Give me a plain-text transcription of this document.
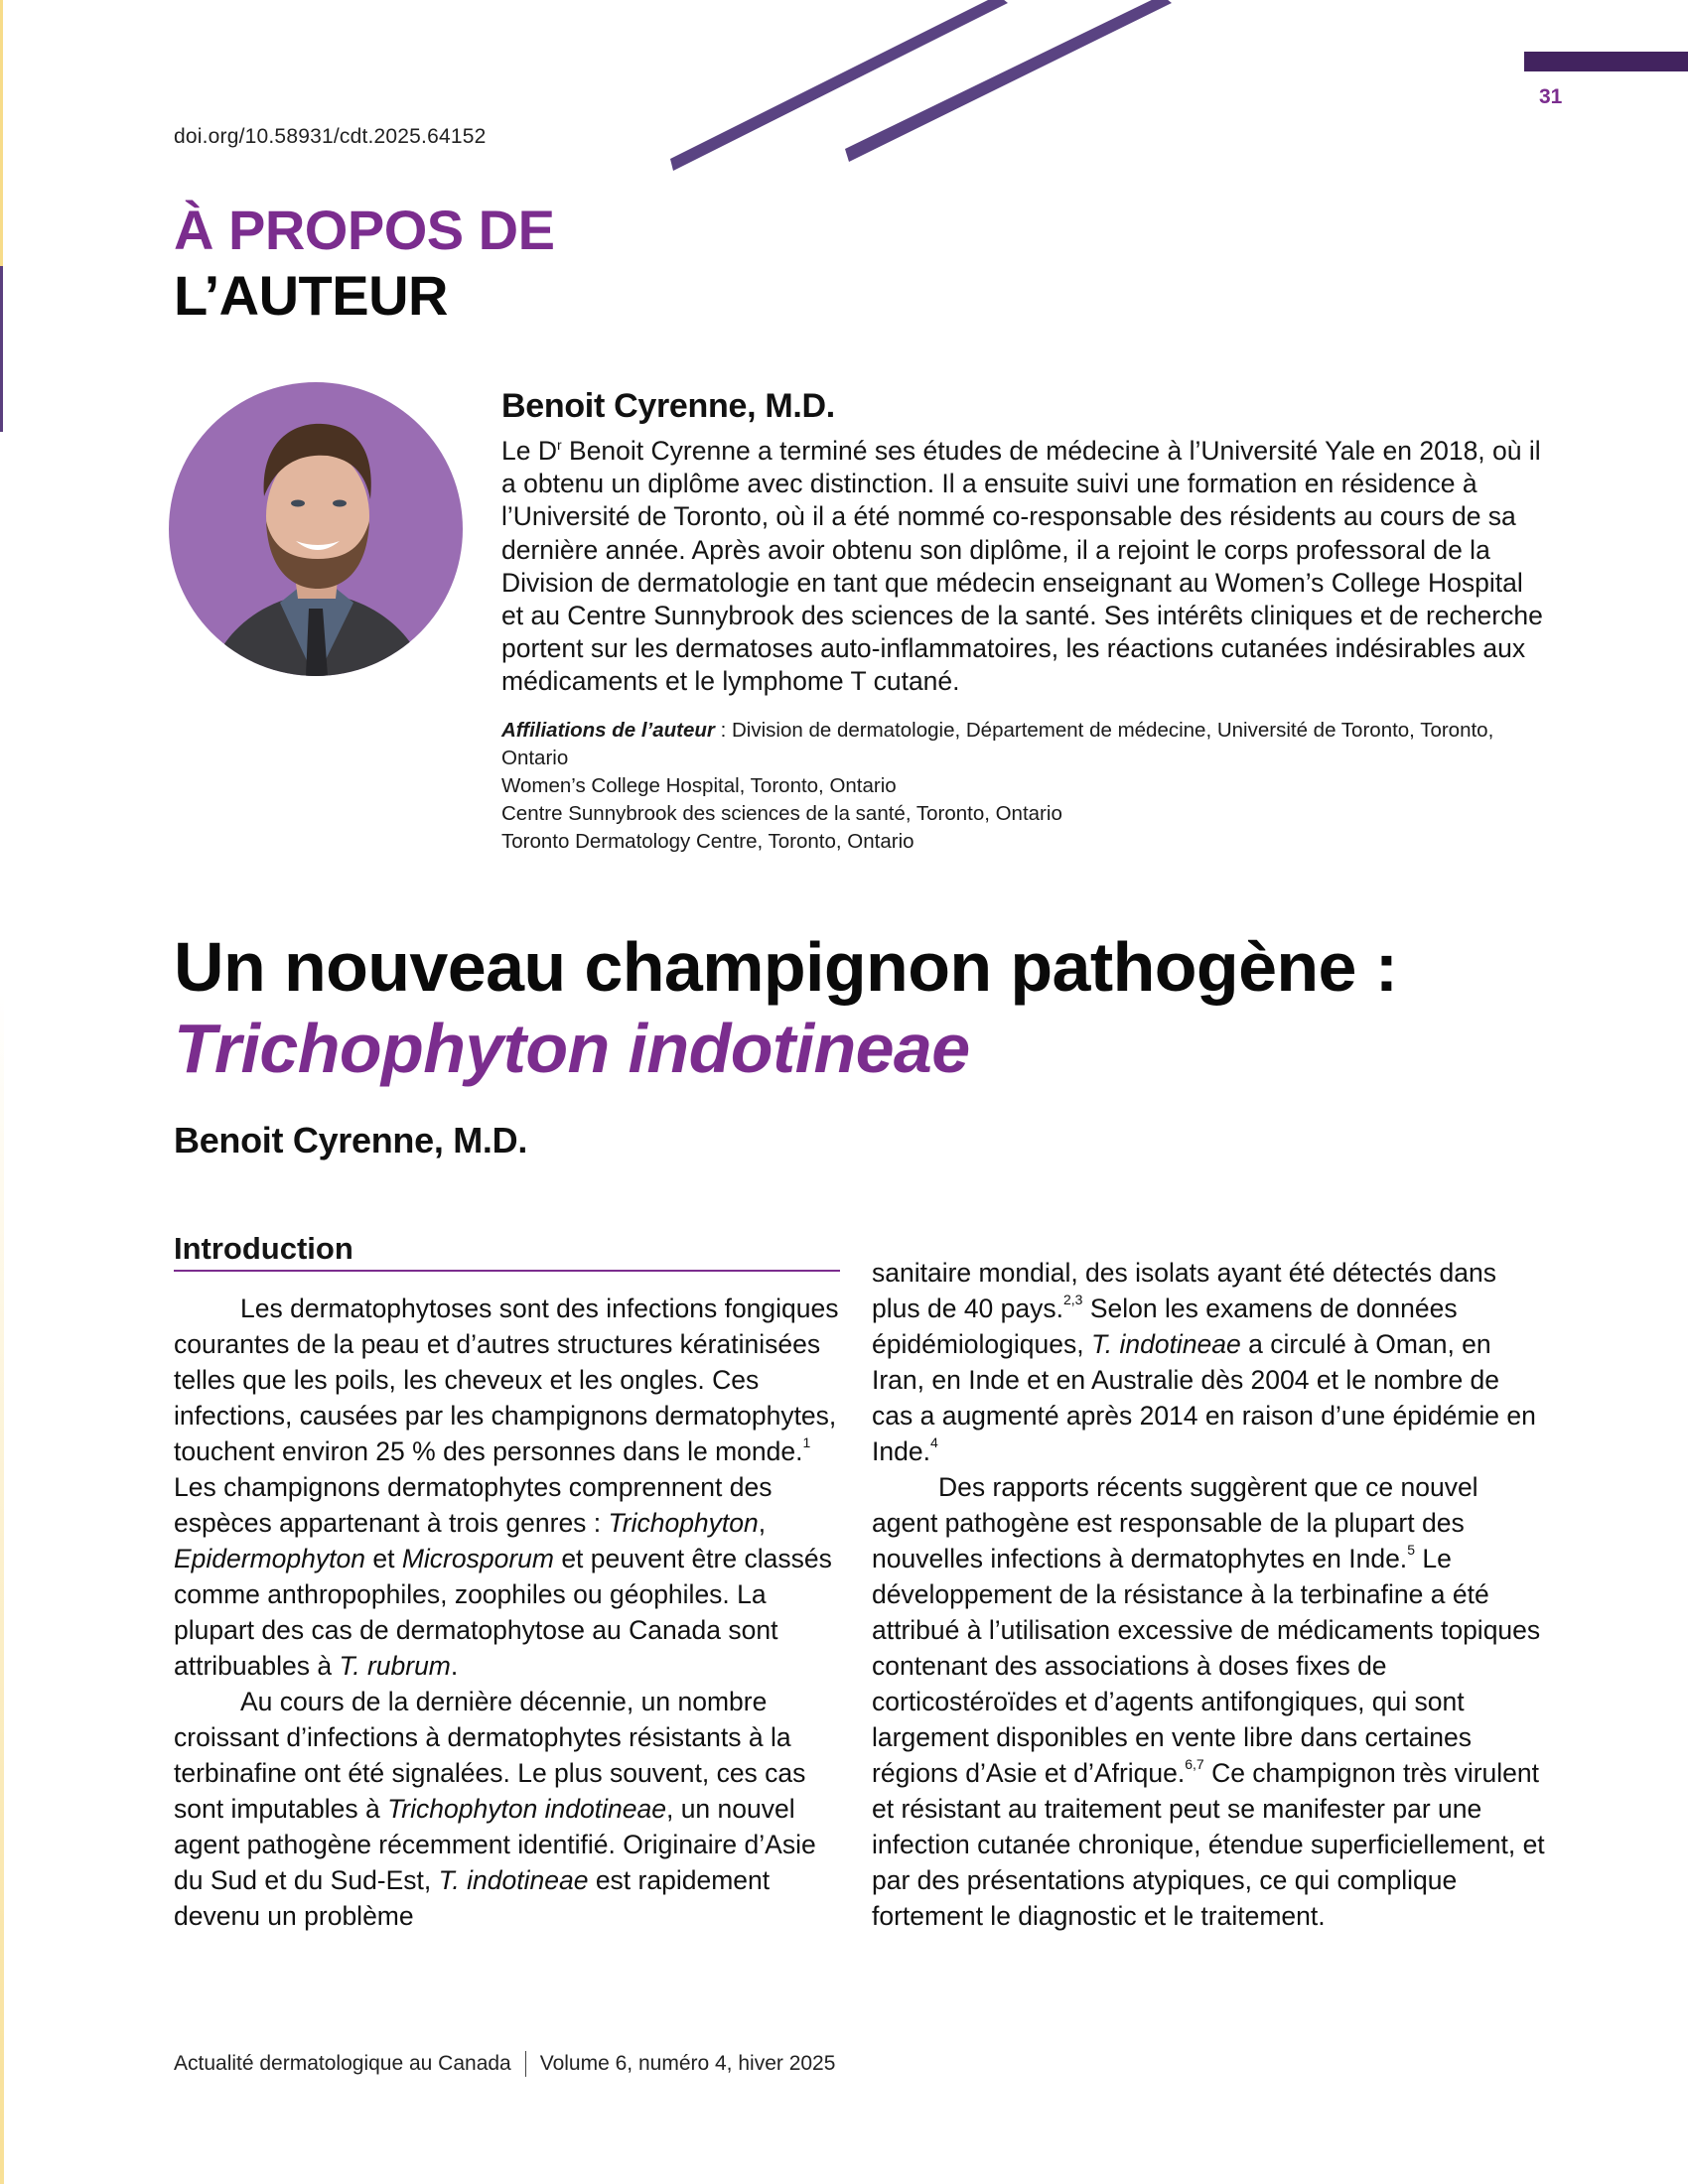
31
doi.org/10.58931/cdt.2025.64152
À PROPOS DE
L’AUTEUR
Benoit Cyrenne, M.D.

Le $D^r$ Benoit Cyrenne a terminé ses études de médecine à l’Université Yale en 2018, où il a obtenu un diplôme avec distinction. Il a ensuite suivi une formation en résidence à l’Université de Toronto, où il a été nommé co-responsable des résidents au cours de sa dernière année. Après avoir obtenu son diplôme, il a rejoint le corps professoral de la Division de dermatologie en tant que médecin enseignant au Women’s College Hospital et au Centre Sunnybrook des sciences de la santé. Ses intérêts cliniques et de recherche portent sur les dermatoses auto-inflammatoires, les réactions cutanées indésirables aux médicaments et le lymphome T cutané.

Affiliations de l’auteur : Division de dermatologie, Département de médecine, Université de Toronto, Toronto, Ontario
Women’s College Hospital, Toronto, Ontario
Centre Sunnybrook des sciences de la santé, Toronto, Ontario
Toronto Dermatology Centre, Toronto, Ontario
Un nouveau champignon pathogène :
Trichophyton indotineae
Benoit Cyrenne, M.D.
Introduction

Les dermatophytoses sont des infections fongiques courantes de la peau et d’autres structures kératinisées telles que les poils, les cheveux et les ongles. Ces infections, causées par les champignons dermatophytes, touchent environ 25 % des personnes dans le monde.$^1$ Les champignons dermatophytes comprennent des espèces appartenant à trois genres : Trichophyton, Epidermophyton et Microsporum et peuvent être classés comme anthropophiles, zoophiles ou géophiles. La plupart des cas de dermatophytose au Canada sont attribuables à T. rubrum.

Au cours de la dernière décennie, un nombre croissant d’infections à dermatophytes résistants à la terbinafine ont été signalées. Le plus souvent, ces cas sont imputables à Trichophyton indotineae, un nouvel agent pathogène récemment identifié. Originaire d’Asie du Sud et du Sud-Est, T. indotineae est rapidement devenu un problème

sanitaire mondial, des isolats ayant été détectés dans plus de 40 pays.$^{2,3}$ Selon les examens de données épidémiologiques, T. indotineae a circulé à Oman, en Iran, en Inde et en Australie dès 2004 et le nombre de cas a augmenté après 2014 en raison d’une épidémie en Inde.$^4$

Des rapports récents suggèrent que ce nouvel agent pathogène est responsable de la plupart des nouvelles infections à dermatophytes en Inde.$^5$ Le développement de la résistance à la terbinafine a été attribué à l’utilisation excessive de médicaments topiques contenant des associations à doses fixes de corticostéroïdes et d’agents antifongiques, qui sont largement disponibles en vente libre dans certaines régions d’Asie et d’Afrique.$^{6,7}$ Ce champignon très virulent et résistant au traitement peut se manifester par une infection cutanée chronique, étendue superficiellement, et par des présentations atypiques, ce qui complique fortement le diagnostic et le traitement.

Actualité dermatologique au Canada Volume 6, numéro 4, hiver 2025
